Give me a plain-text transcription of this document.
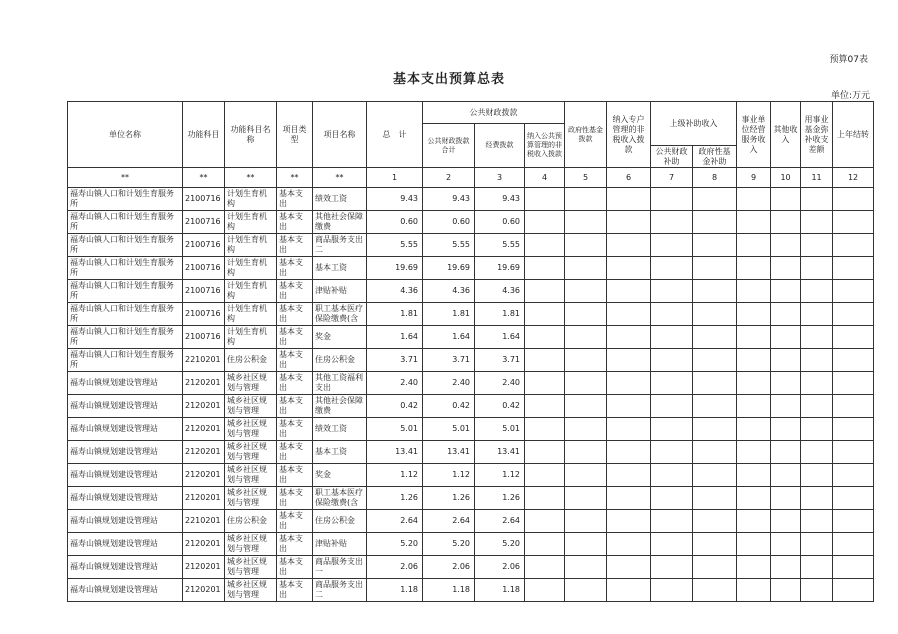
预算07表
基本支出预算总表
单位:万元
单位名称	功能科目	功能科目名称	项目类型	项目名称	总　计	公共财政拨款			政府性基金拨款	纳入专户管理的非税收入拨款	上级补助收入		事业单位经营服务收入	其他收入	用事业基金弥补收支差额	上年结转
						公共财政拨款合计	经费拨款	纳入公共预算管理的非税收入拨款								
											公共财政补助	政府性基金补助				
**	**	**	**	**	1	2	3	4	5	6	7	8	9	10	11	12
福寿山镇人口和计划生育服务所	2100716	计划生育机构	基本支出	绩效工资	9.43	9.43	9.43									
福寿山镇人口和计划生育服务所	2100716	计划生育机构	基本支出	其他社会保障缴费	0.60	0.60	0.60									
福寿山镇人口和计划生育服务所	2100716	计划生育机构	基本支出	商品服务支出二	5.55	5.55	5.55									
福寿山镇人口和计划生育服务所	2100716	计划生育机构	基本支出	基本工资	19.69	19.69	19.69									
福寿山镇人口和计划生育服务所	2100716	计划生育机构	基本支出	津贴补贴	4.36	4.36	4.36									
福寿山镇人口和计划生育服务所	2100716	计划生育机构	基本支出	职工基本医疗保险缴费(含	1.81	1.81	1.81									
福寿山镇人口和计划生育服务所	2100716	计划生育机构	基本支出	奖金	1.64	1.64	1.64									
福寿山镇人口和计划生育服务所	2210201	住房公积金	基本支出	住房公积金	3.71	3.71	3.71									
福寿山镇规划建设管理站	2120201	城乡社区规划与管理	基本支出	其他工资福利支出	2.40	2.40	2.40									
福寿山镇规划建设管理站	2120201	城乡社区规划与管理	基本支出	其他社会保障缴费	0.42	0.42	0.42									
福寿山镇规划建设管理站	2120201	城乡社区规划与管理	基本支出	绩效工资	5.01	5.01	5.01									
福寿山镇规划建设管理站	2120201	城乡社区规划与管理	基本支出	基本工资	13.41	13.41	13.41									
福寿山镇规划建设管理站	2120201	城乡社区规划与管理	基本支出	奖金	1.12	1.12	1.12									
福寿山镇规划建设管理站	2120201	城乡社区规划与管理	基本支出	职工基本医疗保险缴费(含	1.26	1.26	1.26									
福寿山镇规划建设管理站	2210201	住房公积金	基本支出	住房公积金	2.64	2.64	2.64									
福寿山镇规划建设管理站	2120201	城乡社区规划与管理	基本支出	津贴补贴	5.20	5.20	5.20									
福寿山镇规划建设管理站	2120201	城乡社区规划与管理	基本支出	商品服务支出一	2.06	2.06	2.06									
福寿山镇规划建设管理站	2120201	城乡社区规划与管理	基本支出	商品服务支出二	1.18	1.18	1.18									
